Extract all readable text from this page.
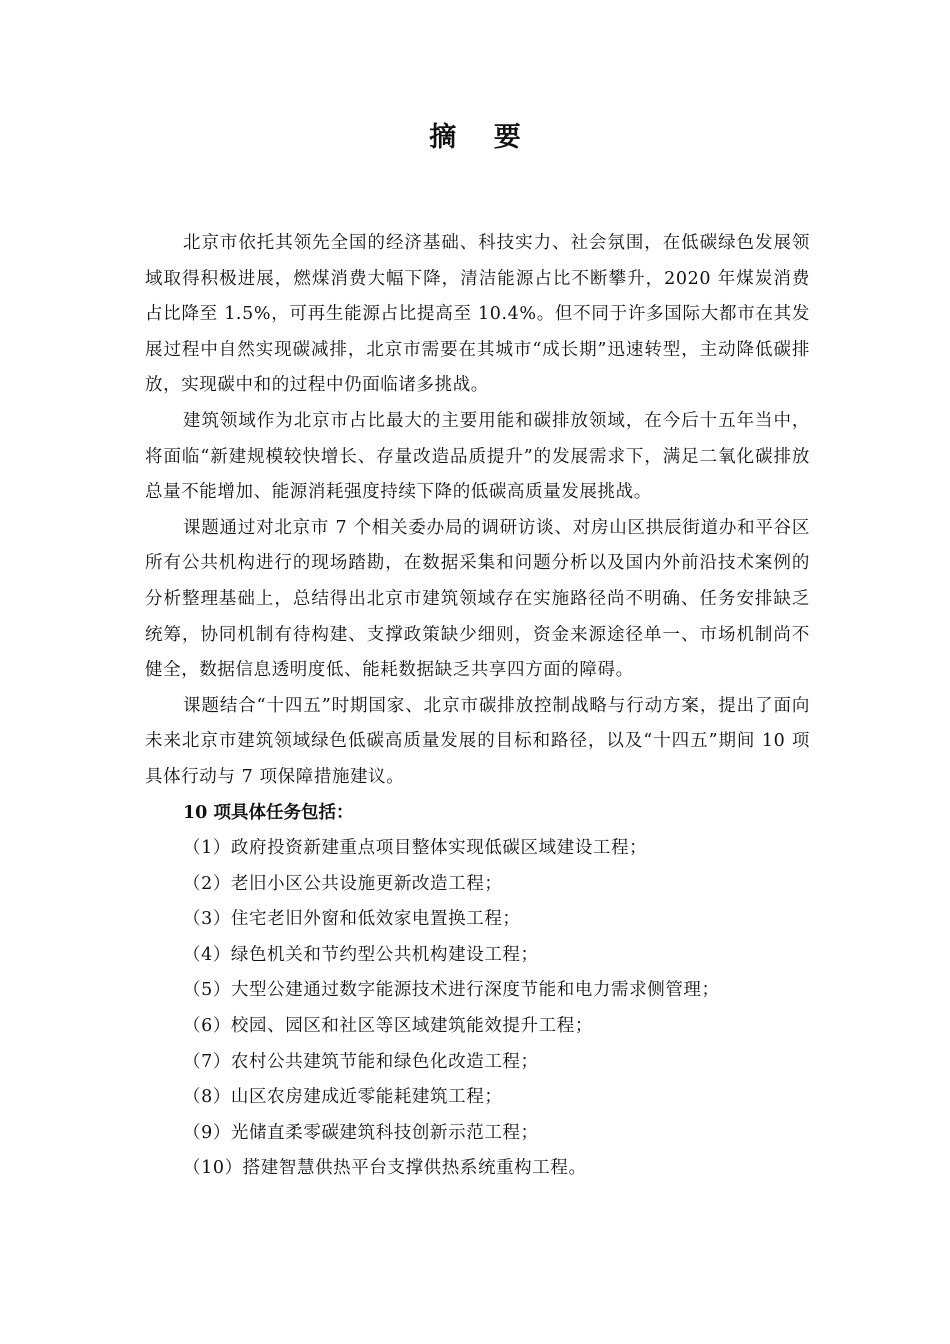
摘 要

北京市依托其领先全国的经济基础、科技实力、社会氛围，在低碳绿色发展领域取得积极进展，燃煤消费大幅下降，清洁能源占比不断攀升，2020 年煤炭消费占比降至 1.5%，可再生能源占比提高至 10.4%。但不同于许多国际大都市在其发展过程中自然实现碳减排，北京市需要在其城市“成长期”迅速转型，主动降低碳排放，实现碳中和的过程中仍面临诸多挑战。

建筑领域作为北京市占比最大的主要用能和碳排放领域，在今后十五年当中，将面临“新建规模较快增长、存量改造品质提升”的发展需求下，满足二氧化碳排放总量不能增加、能源消耗强度持续下降的低碳高质量发展挑战。

课题通过对北京市 7 个相关委办局的调研访谈、对房山区拱辰街道办和平谷区所有公共机构进行的现场踏勘，在数据采集和问题分析以及国内外前沿技术案例的分析整理基础上，总结得出北京市建筑领域存在实施路径尚不明确、任务安排缺乏统筹，协同机制有待构建、支撑政策缺少细则，资金来源途径单一、市场机制尚不健全，数据信息透明度低、能耗数据缺乏共享四方面的障碍。

课题结合“十四五”时期国家、北京市碳排放控制战略与行动方案，提出了面向未来北京市建筑领域绿色低碳高质量发展的目标和路径，以及“十四五”期间 10 项具体行动与 7 项保障措施建议。

10 项具体任务包括：

（1）政府投资新建重点项目整体实现低碳区域建设工程；
（2）老旧小区公共设施更新改造工程；
（3）住宅老旧外窗和低效家电置换工程；
（4）绿色机关和节约型公共机构建设工程；
（5）大型公建通过数字能源技术进行深度节能和电力需求侧管理；
（6）校园、园区和社区等区域建筑能效提升工程；
（7）农村公共建筑节能和绿色化改造工程；
（8）山区农房建成近零能耗建筑工程；
（9）光储直柔零碳建筑科技创新示范工程；
（10）搭建智慧供热平台支撑供热系统重构工程。
